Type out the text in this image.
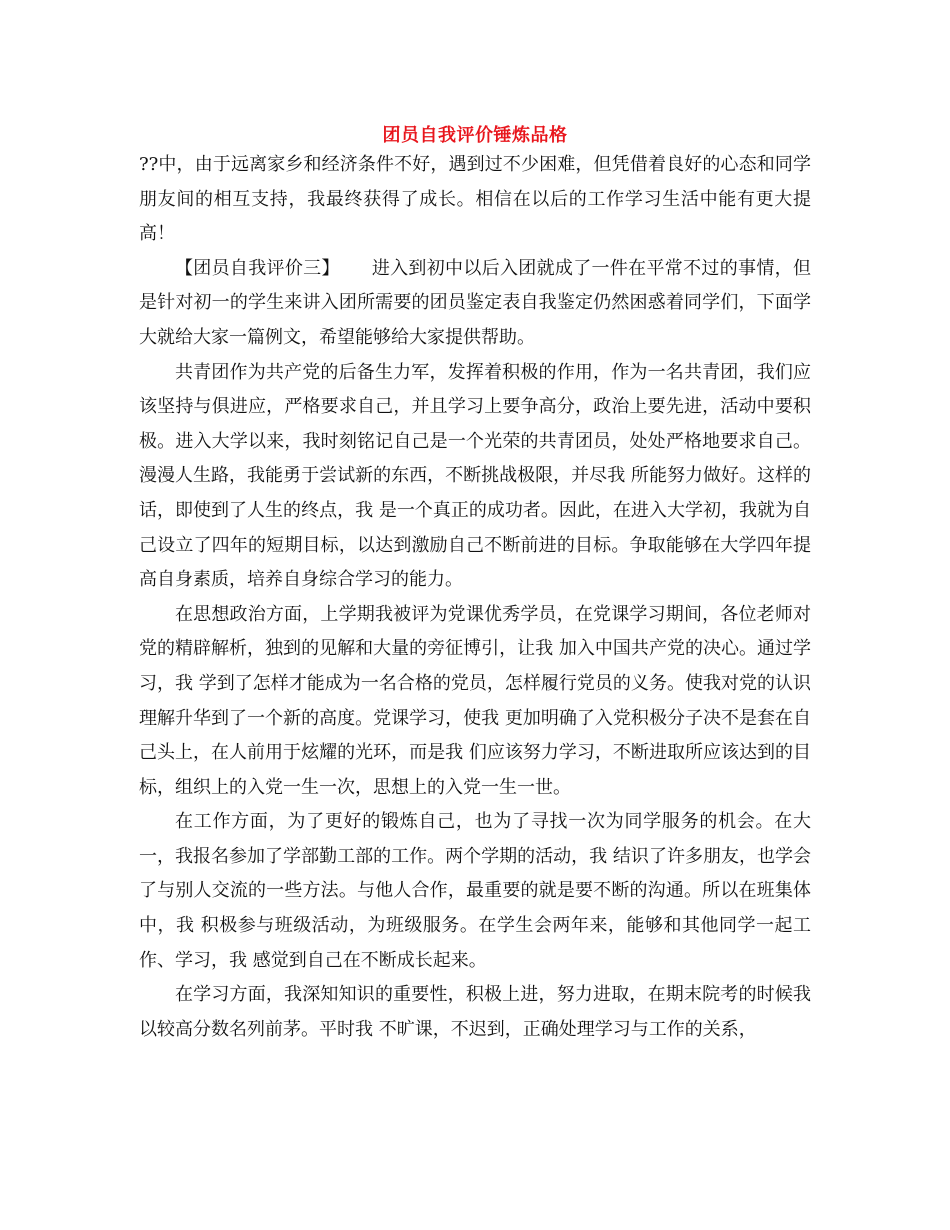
团员自我评价锤炼品格

??中，由于远离家乡和经济条件不好，遇到过不少困难，但凭借着良好的心态和同学朋友间的相互支持，我最终获得了成长。相信在以后的工作学习生活中能有更大提高！

【团员自我评价三】 进入到初中以后入团就成了一件在平常不过的事情，但是针对初一的学生来讲入团所需要的团员鉴定表自我鉴定仍然困惑着同学们，下面学大就给大家一篇例文，希望能够给大家提供帮助。

共青团作为共产党的后备生力军，发挥着积极的作用，作为一名共青团，我们应该坚持与俱进应，严格要求自己，并且学习上要争高分，政治上要先进，活动中要积极。进入大学以来，我时刻铭记自己是一个光荣的共青团员，处处严格地要求自己。漫漫人生路，我能勇于尝试新的东西，不断挑战极限，并尽我 所能努力做好。这样的话，即使到了人生的终点，我 是一个真正的成功者。因此，在进入大学初，我就为自己设立了四年的短期目标，以达到激励自己不断前进的目标。争取能够在大学四年提高自身素质，培养自身综合学习的能力。

在思想政治方面，上学期我被评为党课优秀学员，在党课学习期间，各位老师对党的精辟解析，独到的见解和大量的旁征博引，让我 加入中国共产党的决心。通过学习，我 学到了怎样才能成为一名合格的党员，怎样履行党员的义务。使我对党的认识理解升华到了一个新的高度。党课学习，使我 更加明确了入党积极分子决不是套在自己头上，在人前用于炫耀的光环，而是我 们应该努力学习，不断进取所应该达到的目标，组织上的入党一生一次，思想上的入党一生一世。

在工作方面，为了更好的锻炼自己，也为了寻找一次为同学服务的机会。在大一，我报名参加了学部勤工部的工作。两个学期的活动，我 结识了许多朋友，也学会了与别人交流的一些方法。与他人合作，最重要的就是要不断的沟通。所以在班集体中，我 积极参与班级活动，为班级服务。在学生会两年来，能够和其他同学一起工作、学习，我 感觉到自己在不断成长起来。

在学习方面，我深知知识的重要性，积极上进，努力进取，在期末院考的时候我 以较高分数名列前茅。平时我 不旷课，不迟到，正确处理学习与工作的关系，
